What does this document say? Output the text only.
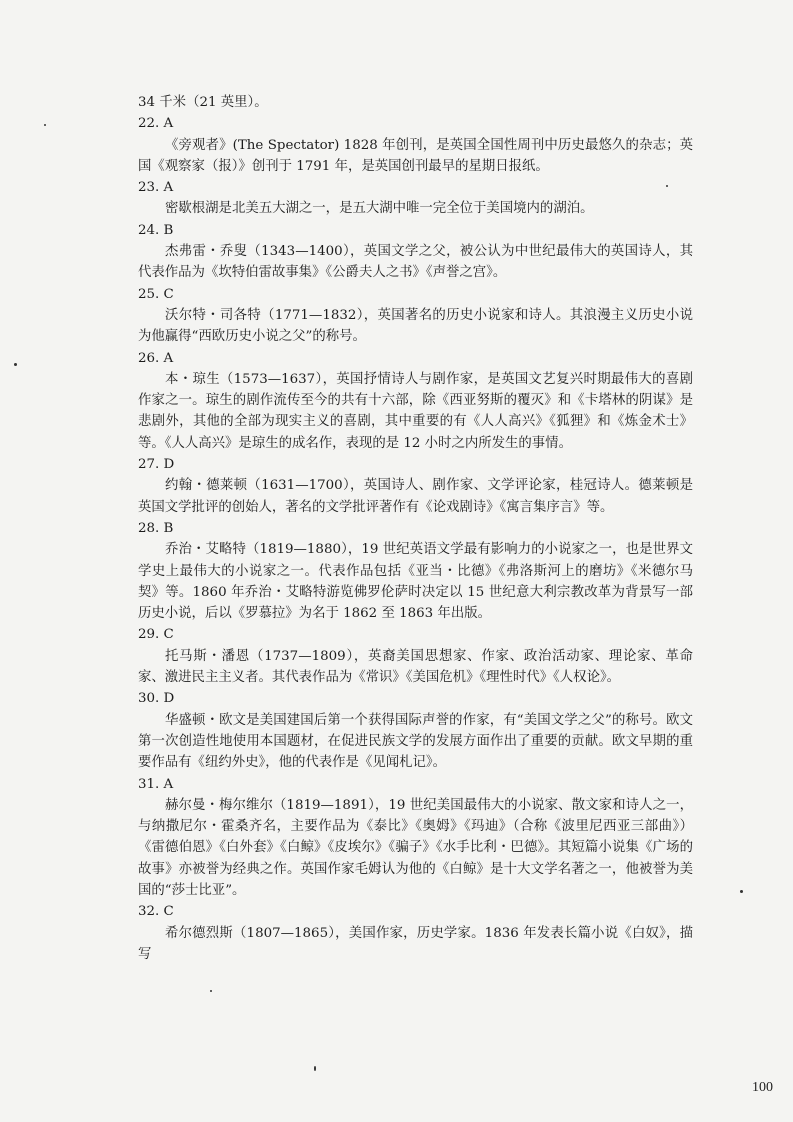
34 千米（21 英里）。

22. A

《旁观者》(The Spectator) 1828 年创刊，是英国全国性周刊中历史最悠久的杂志；英国《观察家（报）》创刊于 1791 年，是英国创刊最早的星期日报纸。

23. A

密歇根湖是北美五大湖之一，是五大湖中唯一完全位于美国境内的湖泊。

24. B

杰弗雷・乔叟（1343—1400），英国文学之父，被公认为中世纪最伟大的英国诗人，其代表作品为《坎特伯雷故事集》《公爵夫人之书》《声誉之宫》。

25. C

沃尔特・司各特（1771—1832），英国著名的历史小说家和诗人。其浪漫主义历史小说为他赢得“西欧历史小说之父”的称号。

26. A

本・琼生（1573—1637），英国抒情诗人与剧作家，是英国文艺复兴时期最伟大的喜剧作家之一。琼生的剧作流传至今的共有十六部，除《西亚努斯的覆灭》和《卡塔林的阴谋》是悲剧外，其他的全部为现实主义的喜剧，其中重要的有《人人高兴》《狐狸》和《炼金术士》等。《人人高兴》是琼生的成名作，表现的是 12 小时之内所发生的事情。

27. D

约翰・德莱顿（1631—1700），英国诗人、剧作家、文学评论家，桂冠诗人。德莱顿是英国文学批评的创始人，著名的文学批评著作有《论戏剧诗》《寓言集序言》等。

28. B

乔治・艾略特（1819—1880），19 世纪英语文学最有影响力的小说家之一，也是世界文学史上最伟大的小说家之一。代表作品包括《亚当・比德》《弗洛斯河上的磨坊》《米德尔马契》等。1860 年乔治・艾略特游览佛罗伦萨时决定以 15 世纪意大利宗教改革为背景写一部历史小说，后以《罗慕拉》为名于 1862 至 1863 年出版。

29. C

托马斯・潘恩（1737—1809），英裔美国思想家、作家、政治活动家、理论家、革命家、激进民主主义者。其代表作品为《常识》《美国危机》《理性时代》《人权论》。

30. D

华盛顿・欧文是美国建国后第一个获得国际声誉的作家，有“美国文学之父”的称号。欧文第一次创造性地使用本国题材，在促进民族文学的发展方面作出了重要的贡献。欧文早期的重要作品有《纽约外史》，他的代表作是《见闻札记》。

31. A

赫尔曼・梅尔维尔（1819—1891），19 世纪美国最伟大的小说家、散文家和诗人之一，与纳撒尼尔・霍桑齐名，主要作品为《泰比》《奥姆》《玛迪》（合称《波里尼西亚三部曲》）《雷德伯恩》《白外套》《白鲸》《皮埃尔》《骗子》《水手比利・巴德》。其短篇小说集《广场的故事》亦被誉为经典之作。英国作家毛姆认为他的《白鲸》是十大文学名著之一，他被誉为美国的“莎士比亚”。

32. C

希尔德烈斯（1807—1865），美国作家，历史学家。1836 年发表长篇小说《白奴》，描写

100
